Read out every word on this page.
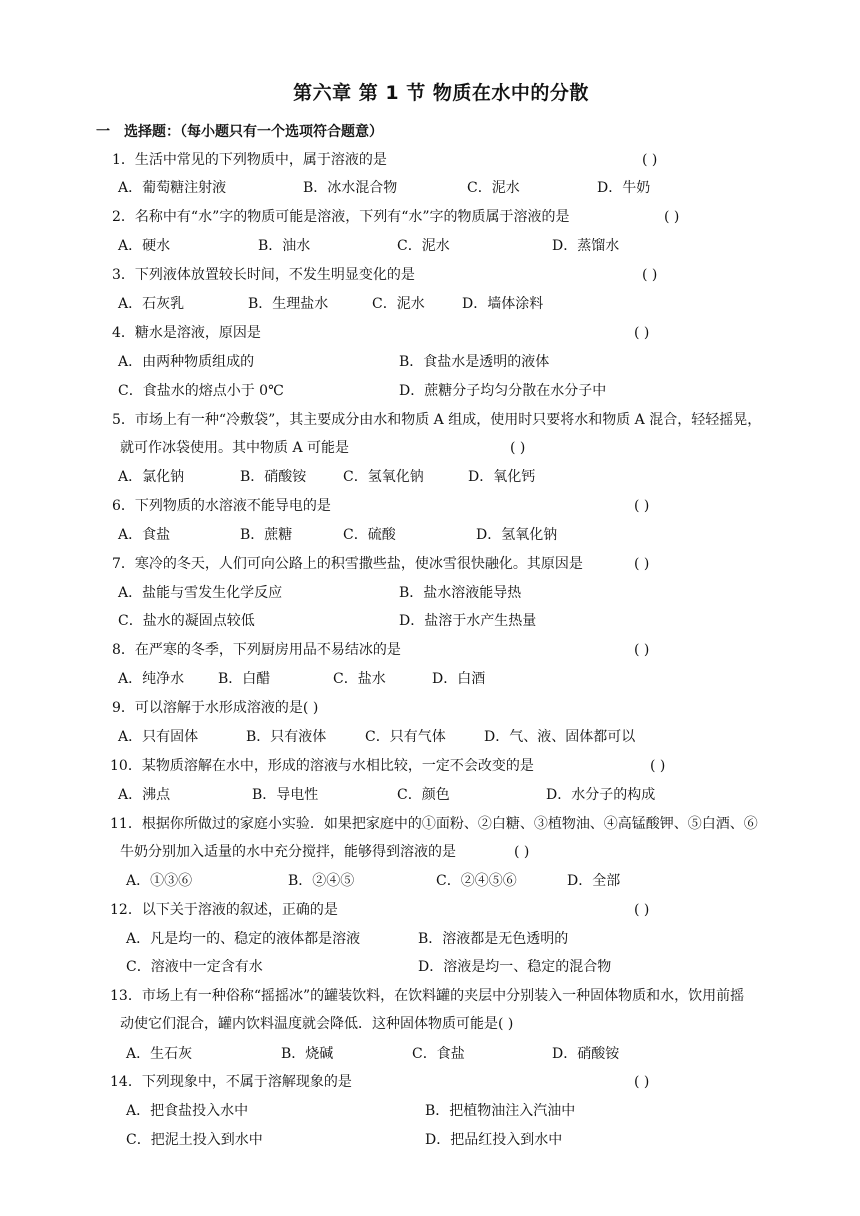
第六章 第 1 节 物质在水中的分散
一 选择题：（每小题只有一个选项符合题意）
1．生活中常见的下列物质中，属于溶液的是	( )
A．葡萄糖注射液	B．冰水混合物	C．泥水	D．牛奶
2．名称中有“水”字的物质可能是溶液，下列有“水”字的物质属于溶液的是	( )
A．硬水	B．油水	C．泥水	D．蒸馏水
3．下列液体放置较长时间，不发生明显变化的是	( )
A．石灰乳	B．生理盐水	C．泥水	D．墙体涂料
4．糖水是溶液，原因是	( )
A．由两种物质组成的	B．食盐水是透明的液体
C．食盐水的熔点小于 0℃	D．蔗糖分子均匀分散在水分子中
5．市场上有一种“冷敷袋”，其主要成分由水和物质 A 组成，使用时只要将水和物质 A 混合，轻轻摇晃，
就可作冰袋使用。其中物质 A 可能是	( )
A．氯化钠	B．硝酸铵	C．氢氧化钠	D．氧化钙
6．下列物质的水溶液不能导电的是	( )
A．食盐	B．蔗糖	C．硫酸	D．氢氧化钠
7．寒冷的冬天，人们可向公路上的积雪撒些盐，使冰雪很快融化。其原因是	( )
A．盐能与雪发生化学反应	B．盐水溶液能导热
C．盐水的凝固点较低	D．盐溶于水产生热量
8．在严寒的冬季，下列厨房用品不易结冰的是	( )
A．纯净水 B．白醋	C．盐水	D．白酒
9．可以溶解于水形成溶液的是( )
A．只有固体	B．只有液体	C．只有气体	D．气、液、固体都可以
10．某物质溶解在水中，形成的溶液与水相比较，一定不会改变的是	( )
A．沸点	B．导电性	C．颜色	D．水分子的构成
11．根据你所做过的家庭小实验．如果把家庭中的①面粉、②白糖、③植物油、④高锰酸钾、⑤白酒、⑥
牛奶分别加入适量的水中充分搅拌，能够得到溶液的是	( )
A．①③⑥	B．②④⑤	C．②④⑤⑥	D．全部
12．以下关于溶液的叙述，正确的是	( )
A．凡是均一的、稳定的液体都是溶液	B．溶液都是无色透明的
C．溶液中一定含有水	D．溶液是均一、稳定的混合物
13．市场上有一种俗称“摇摇冰”的罐装饮料，在饮料罐的夹层中分别装入一种固体物质和水，饮用前摇
动使它们混合，罐内饮料温度就会降低．这种固体物质可能是( )
A．生石灰	B．烧碱	C．食盐	D．硝酸铵
14．下列现象中，不属于溶解现象的是	( )
A．把食盐投入水中	B．把植物油注入汽油中
C．把泥土投入到水中	D．把品红投入到水中
